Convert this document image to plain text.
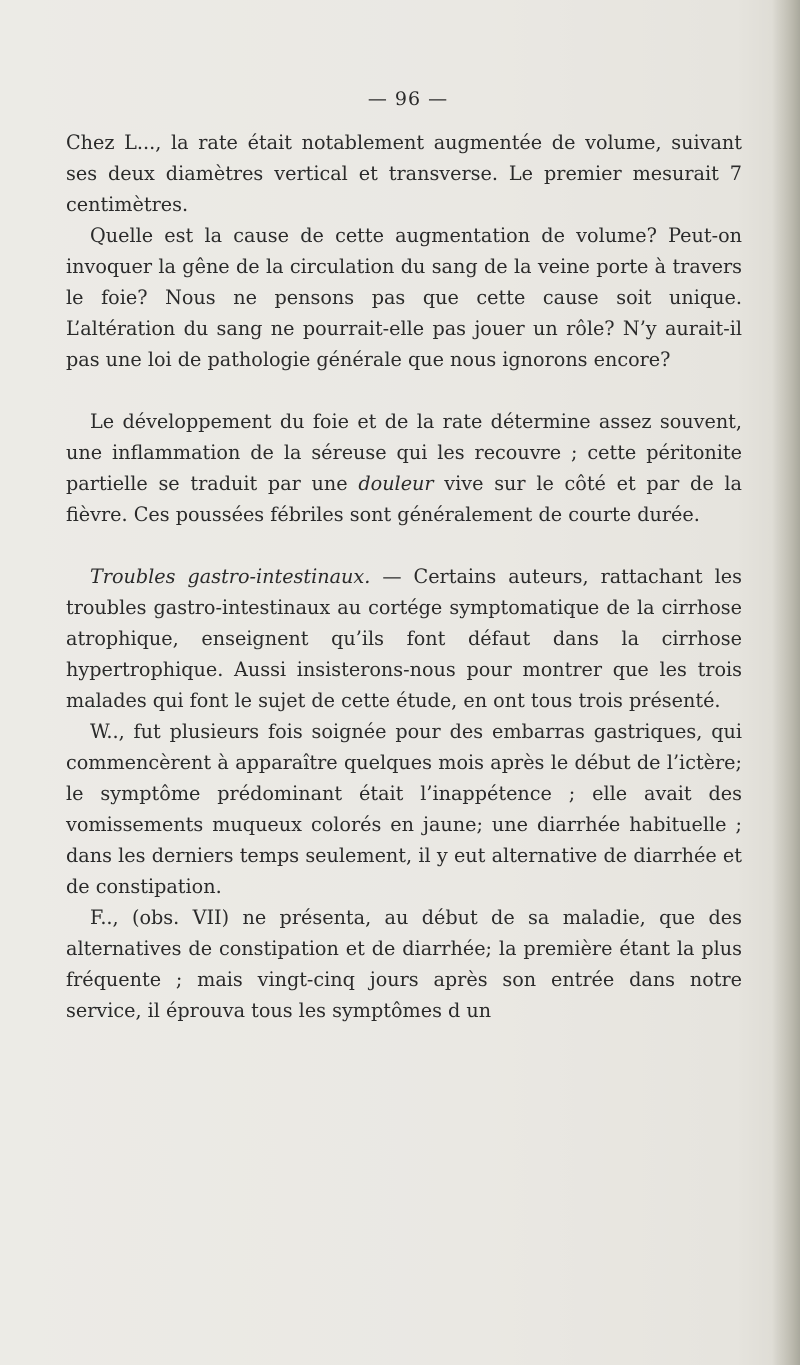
— 96 —

Chez L..., la rate était notablement augmentée de volume, suivant ses deux diamètres vertical et transverse. Le premier mesurait 7 centimètres.

Quelle est la cause de cette augmentation de volume? Peut-on invoquer la gêne de la circulation du sang de la veine porte à travers le foie? Nous ne pensons pas que cette cause soit unique. L’altération du sang ne pourrait-elle pas jouer un rôle? N’y aurait-il pas une loi de pathologie générale que nous ignorons encore?

Le développement du foie et de la rate détermine assez souvent, une inflammation de la séreuse qui les recouvre ; cette péritonite partielle se traduit par une douleur vive sur le côté et par de la fièvre. Ces poussées fébriles sont généralement de courte durée.

Troubles gastro-intestinaux. — Certains auteurs, rattachant les troubles gastro-intestinaux au cortége symptomatique de la cirrhose atrophique, enseignent qu’ils font défaut dans la cirrhose hypertrophique. Aussi insisterons-nous pour montrer que les trois malades qui font le sujet de cette étude, en ont tous trois présenté.

W.., fut plusieurs fois soignée pour des embarras gastriques, qui commencèrent à apparaître quelques mois après le début de l’ictère; le symptôme prédominant était l’inappétence ; elle avait des vomissements muqueux colorés en jaune; une diarrhée habituelle ; dans les derniers temps seulement, il y eut alternative de diarrhée et de constipation.

F.., (obs. VII) ne présenta, au début de sa maladie, que des alternatives de constipation et de diarrhée; la première étant la plus fréquente ; mais vingt-cinq jours après son entrée dans notre service, il éprouva tous les symptômes d un
